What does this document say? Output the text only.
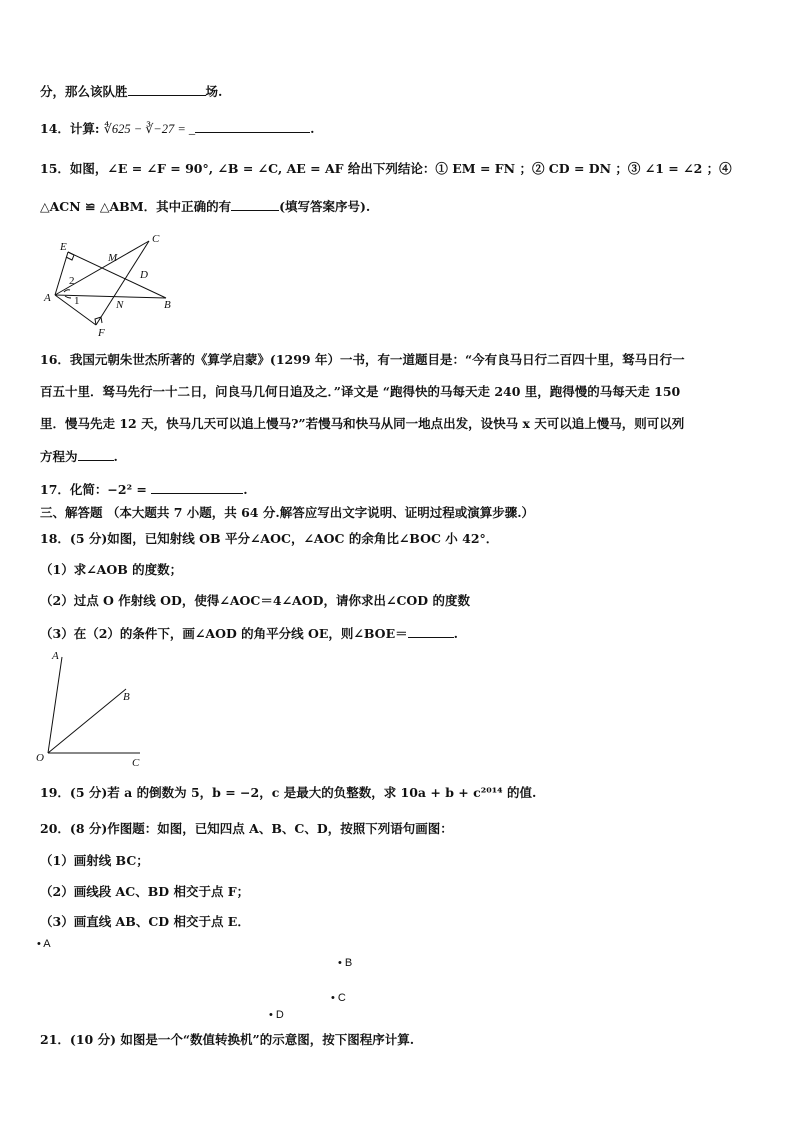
分，那么该队胜	场.
14．计算: ∜625 − ∛−27 = _	.
15．如图，∠E = ∠F = 90°, ∠B = ∠C, AE = AF 给出下列结论：① EM = FN ；② CD = DN ；③ ∠1 = ∠2 ；④
△ACN ≌ △ABM．其中正确的有	(填写答案序号).
E
C
M
D
A
B
N
F
2
1
16．我国元朝朱世杰所著的《算学启蒙》(1299 年）一书，有一道题目是：“今有良马日行二百四十里，驽马日行一
百五十里．驽马先行一十二日，问良马几何日追及之．”译文是 “跑得快的马每天走 240 里，跑得慢的马每天走 150
里．慢马先走 12 天，快马几天可以追上慢马?”若慢马和快马从同一地点出发，设快马 x 天可以追上慢马，则可以列
方程为	.
17．化简：−2² =	.
三、解答题 （本大题共 7 小题，共 64 分.解答应写出文字说明、证明过程或演算步骤.）
18．(5 分)如图，已知射线 OB 平分∠AOC，∠AOC 的余角比∠BOC 小 42°．
（1）求∠AOB 的度数；
（2）过点 O 作射线 OD，使得∠AOC＝4∠AOD，请你求出∠COD 的度数
（3）在（2）的条件下，画∠AOD 的角平分线 OE，则∠BOE＝	.
A
B
O	C
19．(5 分)若 a 的倒数为 5，b = −2，c 是最大的负整数，求 10a + b + c²⁰¹⁴ 的值.
20．(8 分)作图题：如图，已知四点 A、B、C、D，按照下列语句画图：
（1）画射线 BC；
（2）画线段 AC、BD 相交于点 F；
（3）画直线 AB、CD 相交于点 E．
• A
• B
• C
• D
21．(10 分) 如图是一个“数值转换机”的示意图，按下图程序计算.
